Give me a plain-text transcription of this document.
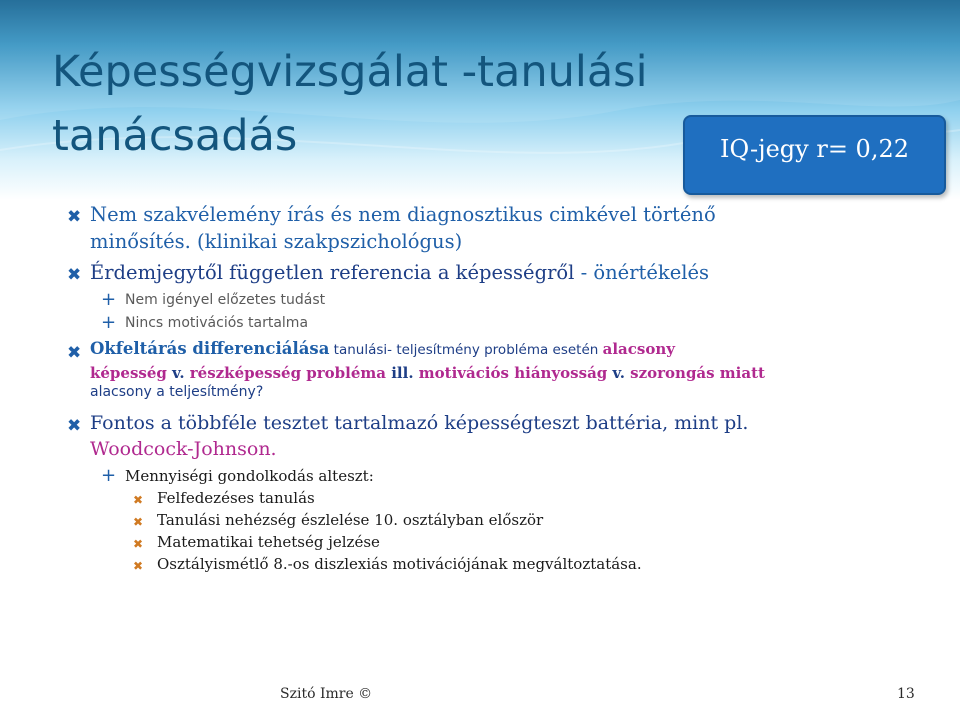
Képességvizsgálat -tanulási tanácsadás	IQ-jegy r= 0,22
✖ Nem szakvélemény írás és nem diagnosztikus cimkével történő
minősítés. (klinikai szakpszichológus)
✖ Érdemjegytől független referencia a képességről - önértékelés
+ Nem igényel előzetes tudást
+ Nincs motivációs tartalma
✖ Okfeltárás differenciálása tanulási- teljesítmény probléma esetén alacsony
képesség v. részképesség probléma ill. motivációs hiányosság v. szorongás miatt
alacsony a teljesítmény?
✖ Fontos a többféle tesztet tartalmazó képességteszt battéria, mint pl.
Woodcock-Johnson.
+ Mennyiségi gondolkodás alteszt:
✖ Felfedezéses tanulás
✖ Tanulási nehézség észlelése 10. osztályban először
✖ Matematikai tehetség jelzése
✖ Osztályismétlő 8.-os diszlexiás motivációjának megváltoztatása.
Szitó Imre ©	13
